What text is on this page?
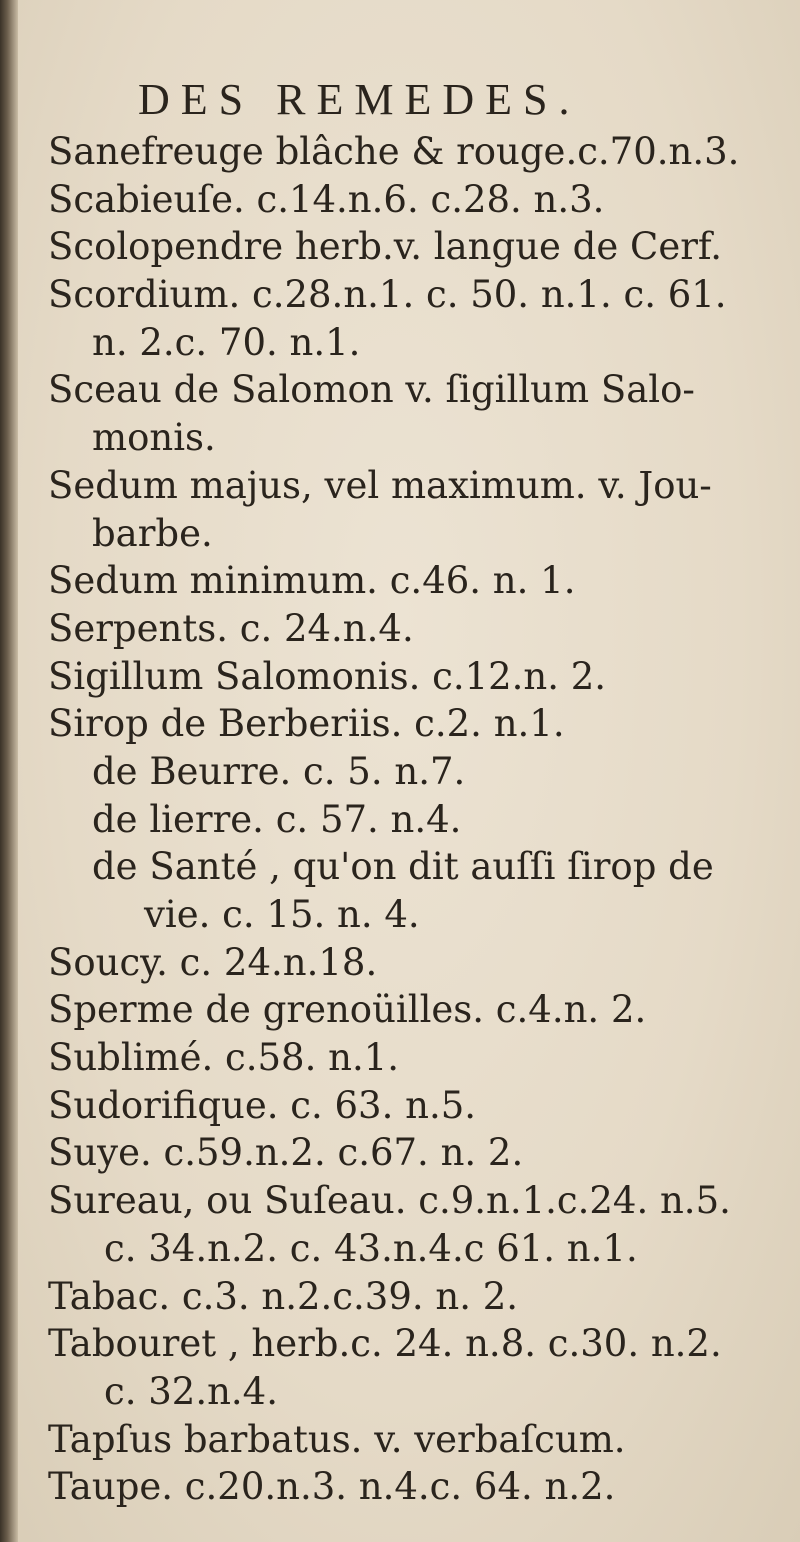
DES REMEDES.
Sanefreuge blâche & rouge.c.70.n.3.
Scabieuſe. c.14.n.6. c.28. n.3.
Scolopendre herb.v. langue de Cerf.
Scordium. c.28.n.1. c. 50. n.1. c. 61.
n. 2.c. 70. n.1.
Sceau de Salomon v. ſigillum Salo-
monis.
Sedum majus, vel maximum. v. Jou-
barbe.
Sedum minimum. c.46. n. 1.
Serpents. c. 24.n.4.
Sigillum Salomonis. c.12.n. 2.
Sirop de Berberiis. c.2. n.1.
de Beurre. c. 5. n.7.
de lierre. c. 57. n.4.
de Santé , qu'on dit auſſi ſirop de
vie. c. 15. n. 4.
Soucy. c. 24.n.18.
Sperme de grenoüilles. c.4.n. 2.
Sublimé. c.58. n.1.
Sudorifique. c. 63. n.5.
Suye. c.59.n.2. c.67. n. 2.
Sureau, ou Suſeau. c.9.n.1.c.24. n.5.
c. 34.n.2. c. 43.n.4.c 61. n.1.
Tabac. c.3. n.2.c.39. n. 2.
Tabouret , herb.c. 24. n.8. c.30. n.2.
c. 32.n.4.
Tapſus barbatus. v. verbaſcum.
Taupe. c.20.n.3. n.4.c. 64. n.2.
